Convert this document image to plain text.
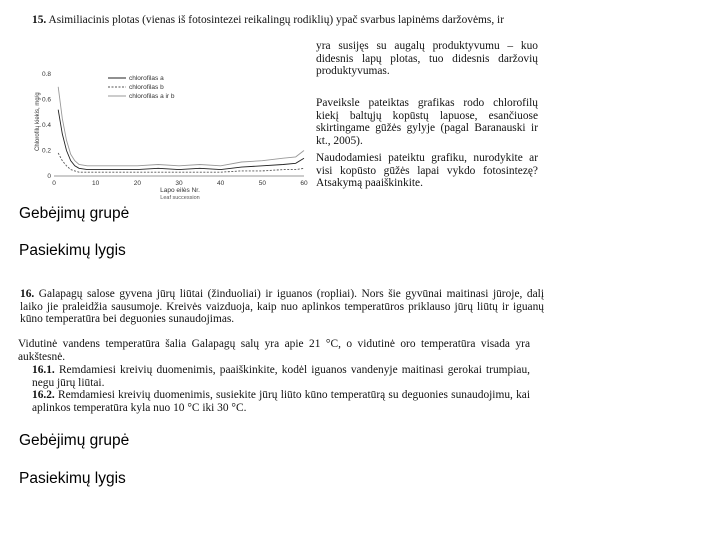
15. Asimiliacinis plotas (vienas iš fotosintezei reikalingų rodiklių) ypač svarbus lapinėms daržovėms, ir
yra susijęs su augalų produktyvumu – kuo didesnis lapų plotas, tuo didesnis daržovių produktyvumas.
Paveiksle pateiktas grafikas rodo chlorofilų kiekį baltųjų kopūstų lapuose, esančiuose skirtingame gūžės gylyje (pagal Baranauski ir kt., 2005).
Naudodamiesi pateiktu grafiku, nurodykite ar visi kopūsto gūžės lapai vykdo fotosintezę? Atsakymą paaiškinkite.
Chlorofilų kiekis, mg/g
0
0.2
0.4
0.6
0.8
0	10	20	30	40	50	60
chlorofilas a
chlorofilas b
chlorofilas a ir b
Lapo eilės Nr.
Leaf succession
Gebėjimų grupė
Pasiekimų lygis
16. Galapagų salose gyvena jūrų liūtai (žinduoliai) ir iguanos (ropliai). Nors šie gyvūnai maitinasi jūroje, dalį laiko jie praleidžia sausumoje. Kreivės vaizduoja, kaip nuo aplinkos temperatūros priklauso jūrų liūtų ir iguanų kūno temperatūra bei deguonies sunaudojimas.
Vidutinė vandens temperatūra šalia Galapagų salų yra apie 21 °C, o vidutinė oro temperatūra visada yra aukštesnė.
16.1. Remdamiesi kreivių duomenimis, paaiškinkite, kodėl iguanos vandenyje maitinasi gerokai trumpiau, negu jūrų liūtai.
16.2. Remdamiesi kreivių duomenimis, susiekite jūrų liūto kūno temperatūrą su deguonies sunaudojimu, kai aplinkos temperatūra kyla nuo 10 °C iki 30 °C.
Gebėjimų grupė
Pasiekimų lygis
